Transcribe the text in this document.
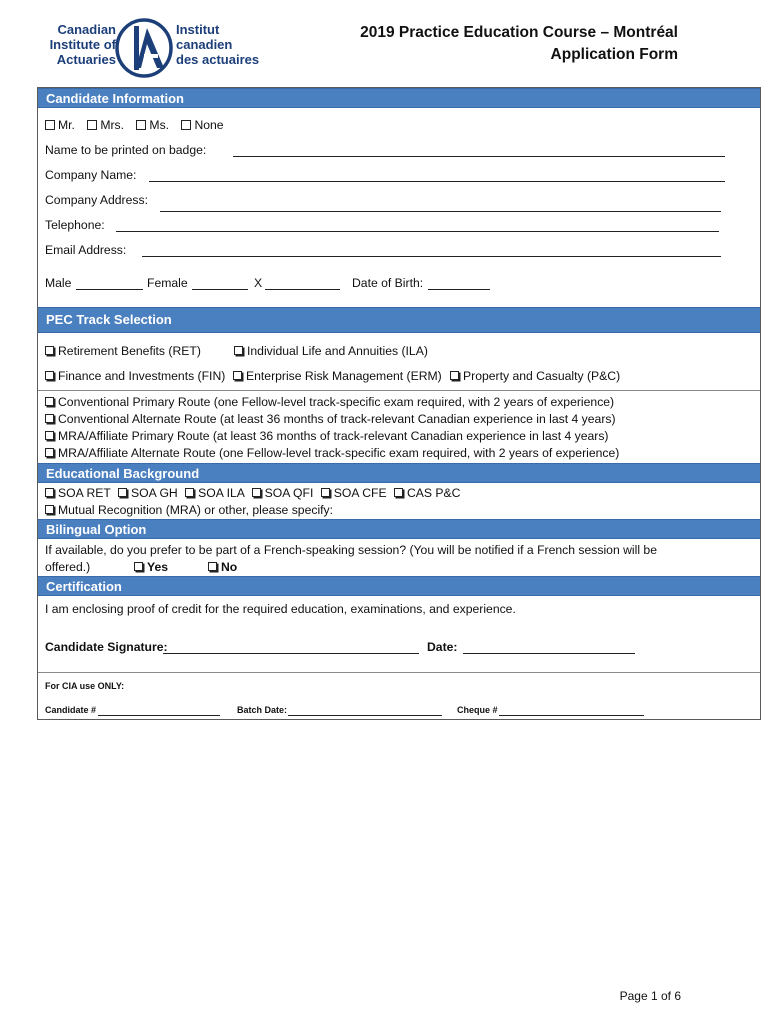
Canadian
Institute of
Actuaries
Institut
canadien
des actuaires
2019 Practice Education Course – Montréal
Application Form
Candidate Information
Mr. Mrs. Ms. None
Name to be printed on badge:
Company Name:
Company Address:
Telephone:
Email Address:
Male	Female	X	Date of Birth:
PEC Track Selection
Retirement Benefits (RET)	Individual Life and Annuities (ILA)
Finance and Investments (FIN)	Enterprise Risk Management (ERM)	Property and Casualty (P&C)
Conventional Primary Route (one Fellow-level track-specific exam required, with 2 years of experience)
Conventional Alternate Route (at least 36 months of track-relevant Canadian experience in last 4 years)
MRA/Affiliate Primary Route (at least 36 months of track-relevant Canadian experience in last 4 years)
MRA/Affiliate Alternate Route (one Fellow-level track-specific exam required, with 2 years of experience)
Educational Background
SOA RET SOA GH SOA ILA SOA QFI SOA CFE CAS P&C
Mutual Recognition (MRA) or other, please specify:
Bilingual Option
If available, do you prefer to be part of a French-speaking session? (You will be notified if a French session will be
offered.)	Yes	No
Certification
I am enclosing proof of credit for the required education, examinations, and experience.
Candidate Signature:	Date:
For CIA use ONLY:
Candidate #	Batch Date:	Cheque #
Page 1 of 6
